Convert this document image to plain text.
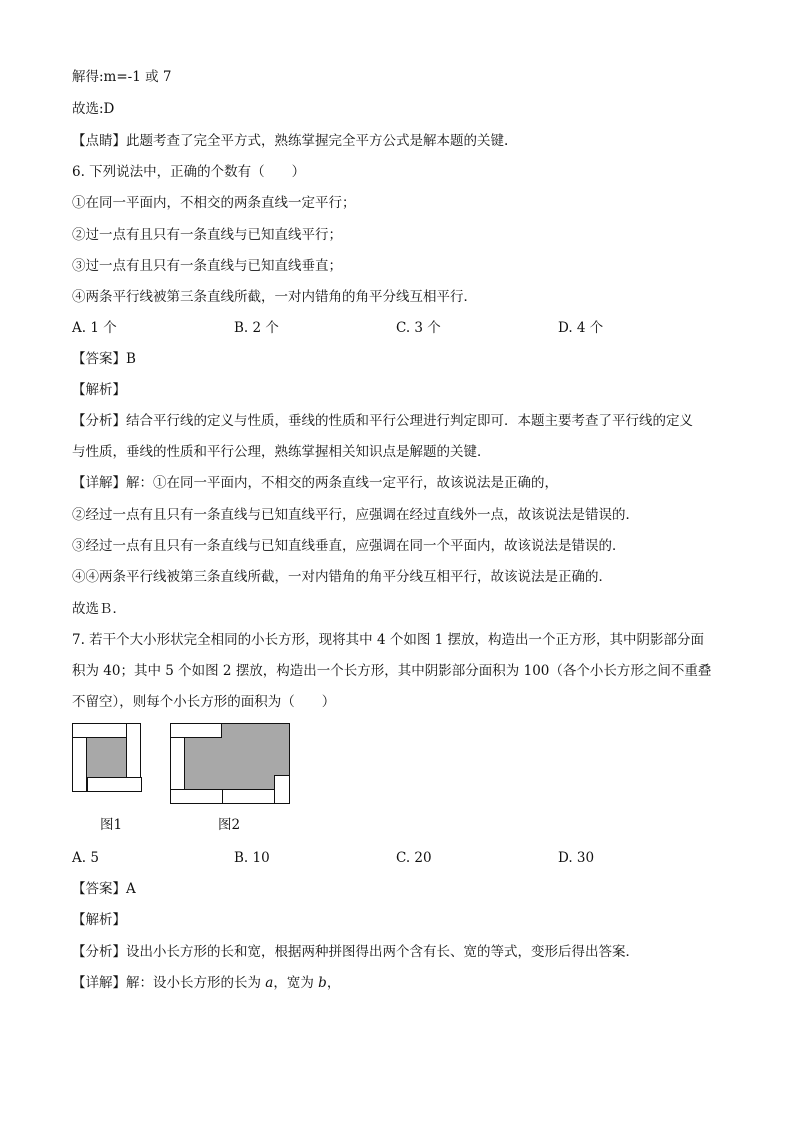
解得:m=-1 或 7
故选:D
【点睛】此题考查了完全平方式，熟练掌握完全平方公式是解本题的关键.
6. 下列说法中，正确的个数有（　　）
①在同一平面内，不相交的两条直线一定平行；
②过一点有且只有一条直线与已知直线平行；
③过一点有且只有一条直线与已知直线垂直；
④两条平行线被第三条直线所截，一对内错角的角平分线互相平行．
A. 1 个	B. 2 个	C. 3 个	D. 4 个
【答案】B
【解析】
【分析】结合平行线的定义与性质，垂线的性质和平行公理进行判定即可．本题主要考查了平行线的定义
与性质，垂线的性质和平行公理，熟练掌握相关知识点是解题的关键．
【详解】解：①在同一平面内，不相交的两条直线一定平行，故该说法是正确的，
②经过一点有且只有一条直线与已知直线平行，应强调在经过直线外一点，故该说法是错误的．
③经过一点有且只有一条直线与已知直线垂直，应强调在同一个平面内，故该说法是错误的．
④④两条平行线被第三条直线所截，一对内错角的角平分线互相平行，故该说法是正确的．
故选Ｂ．
7. 若干个大小形状完全相同的小长方形，现将其中 4 个如图 1 摆放，构造出一个正方形，其中阴影部分面
积为 40；其中 5 个如图 2 摆放，构造出一个长方形，其中阴影部分面积为 100（各个小长方形之间不重叠
不留空），则每个小长方形的面积为（　　）
图1	图2
A. 5	B. 10	C. 20	D. 30
【答案】A
【解析】
【分析】设出小长方形的长和宽，根据两种拼图得出两个含有长、宽的等式，变形后得出答案．
【详解】解：设小长方形的长为 a，宽为 b，
